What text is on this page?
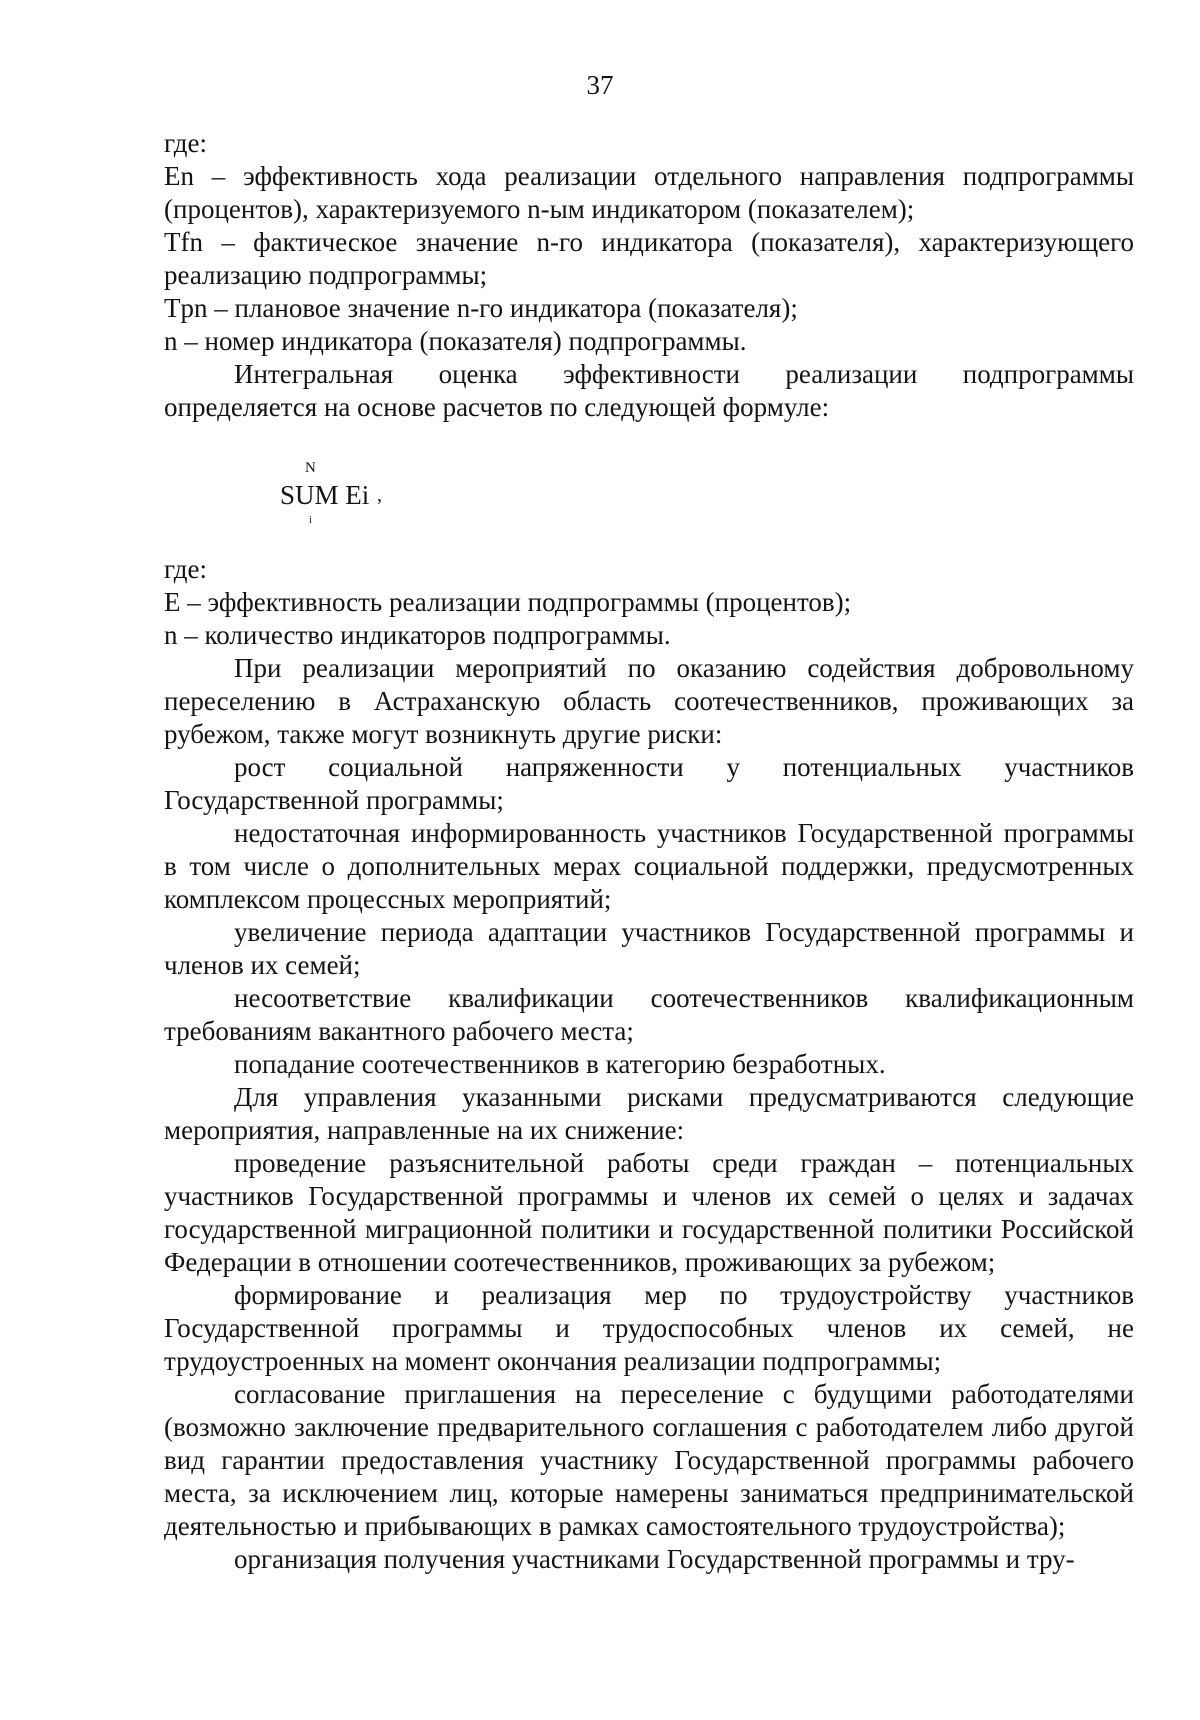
37

где:

Еn – эффективность хода реализации отдельного направления подпрограммы (процентов), характеризуемого n-ым индикатором (показателем);

Тfn – фактическое значение n-го индикатора (показателя), характеризующего реализацию подпрограммы;

Тpn – плановое значение n-го индикатора (показателя);

n – номер индикатора (показателя) подпрограммы.

Интегральная оценка эффективности реализации подпрограммы определяется на основе расчетов по следующей формуле:

N
SUM Ei ,
i

где:

Е – эффективность реализации подпрограммы (процентов);

n – количество индикаторов подпрограммы.

При реализации мероприятий по оказанию содействия добровольному переселению в Астраханскую область соотечественников, проживающих за рубежом, также могут возникнуть другие риски:

рост социальной напряженности у потенциальных участников Государственной программы;

недостаточная информированность участников Государственной программы в том числе о дополнительных мерах социальной поддержки, предусмотренных комплексом процессных мероприятий;

увеличение периода адаптации участников Государственной программы и членов их семей;

несоответствие квалификации соотечественников квалификационным требованиям вакантного рабочего места;

попадание соотечественников в категорию безработных.

Для управления указанными рисками предусматриваются следующие мероприятия, направленные на их снижение:

проведение разъяснительной работы среди граждан – потенциальных участников Государственной программы и членов их семей о целях и задачах государственной миграционной политики и государственной политики Российской Федерации в отношении соотечественников, проживающих за рубежом;

формирование и реализация мер по трудоустройству участников Государственной программы и трудоспособных членов их семей, не трудоустроенных на момент окончания реализации подпрограммы;

согласование приглашения на переселение с будущими работодателями (возможно заключение предварительного соглашения с работодателем либо другой вид гарантии предоставления участнику Государственной программы рабочего места, за исключением лиц, которые намерены заниматься предпринимательской деятельностью и прибывающих в рамках самостоятельного трудоустройства);

организация получения участниками Государственной программы и тру-
